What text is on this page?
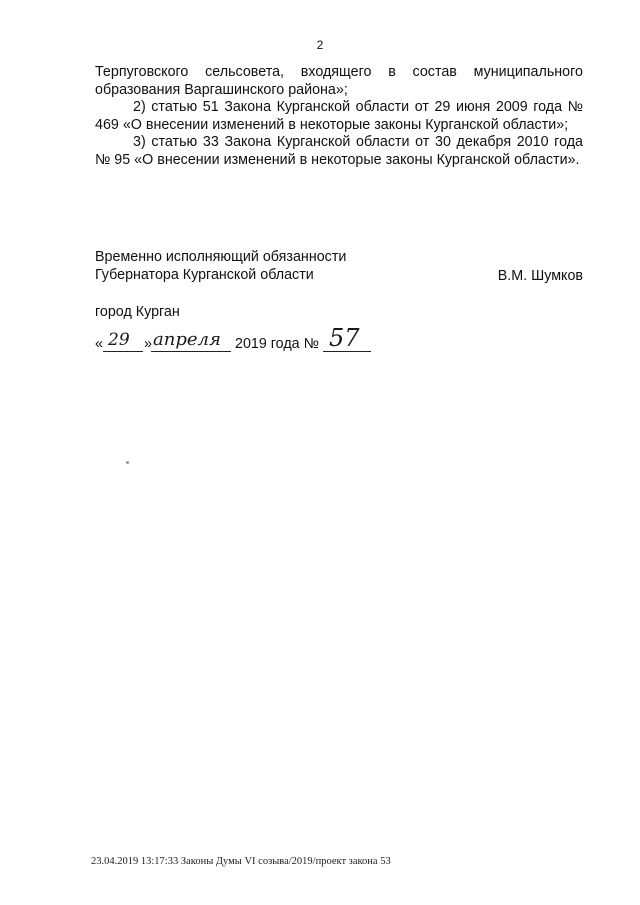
2

Терпуговского сельсовета, входящего в состав муниципального образования Варгашинского района»;

2) статью 51 Закона Курганской области от 29 июня 2009 года № 469 «О внесении изменений в некоторые законы Курганской области»;

3) статью 33 Закона Курганской области от 30 декабря 2010 года № 95 «О внесении изменений в некоторые законы Курганской области».

Временно исполняющий обязанности
Губернатора Курганской области	В.М. Шумков
город Курган
« 29 » апреля 2019 года № 57
23.04.2019 13:17:33 Законы Думы VI созыва/2019/проект закона 53
